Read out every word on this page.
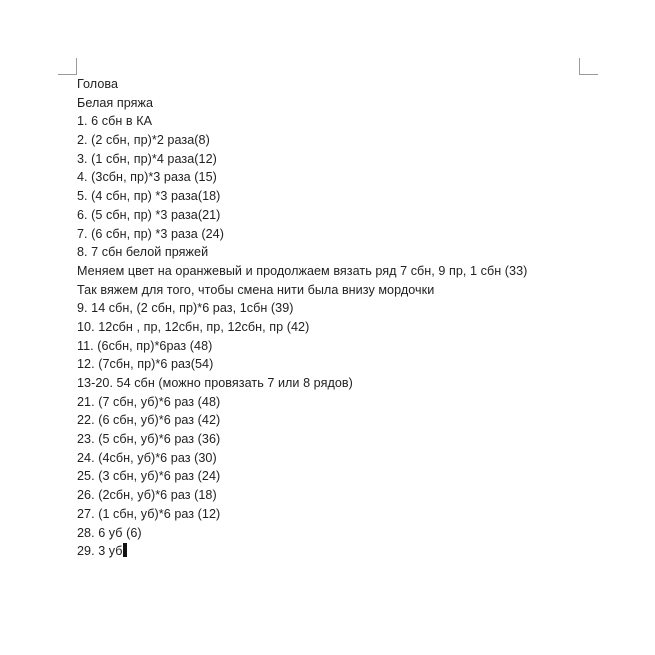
Голова
Белая пряжа
1. 6 сбн в КА
2. (2 сбн, пр)*2 раза(8)
3. (1 сбн, пр)*4 раза(12)
4. (3сбн, пр)*3 раза (15)
5. (4 сбн, пр) *3 раза(18)
6. (5 сбн, пр) *3 раза(21)
7. (6 сбн, пр) *3 раза (24)
8. 7 сбн белой пряжей
Меняем цвет на оранжевый и продолжаем вязать ряд 7 сбн, 9 пр, 1 сбн (33)
Так вяжем для того, чтобы смена нити была внизу мордочки
9. 14 сбн, (2 сбн, пр)*6 раз, 1сбн (39)
10. 12сбн , пр, 12сбн, пр, 12сбн, пр (42)
11. (6сбн, пр)*6раз (48)
12. (7сбн, пр)*6 раз(54)
13-20. 54 сбн (можно провязать 7 или 8 рядов)
21. (7 сбн, уб)*6 раз (48)
22. (6 сбн, уб)*6 раз (42)
23. (5 сбн, уб)*6 раз (36)
24. (4сбн, уб)*6 раз (30)
25. (3 сбн, уб)*6 раз (24)
26. (2сбн, уб)*6 раз (18)
27. (1 сбн, уб)*6 раз (12)
28. 6 уб (6)
29. 3 уб
